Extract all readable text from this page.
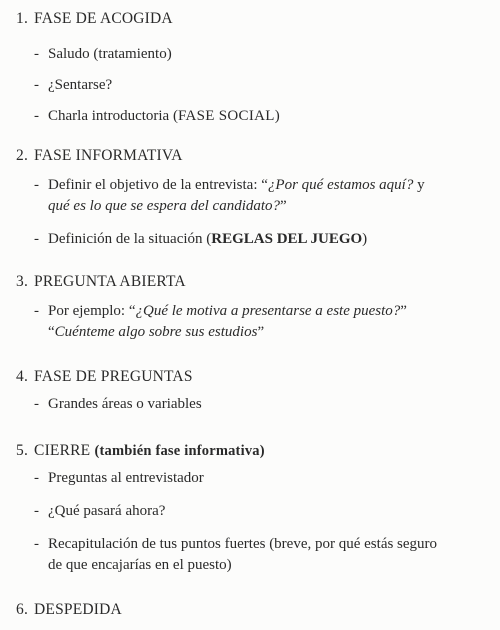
1. FASE DE ACOGIDA
- Saludo (tratamiento)
- ¿Sentarse?
- Charla introductoria (FASE SOCIAL)
2. FASE INFORMATIVA
- Definir el objetivo de la entrevista: “¿Por qué estamos aquí? y
qué es lo que se espera del candidato?”
- Definición de la situación (REGLAS DEL JUEGO)
3. PREGUNTA ABIERTA
- Por ejemplo: “¿Qué le motiva a presentarse a este puesto?”
“Cuénteme algo sobre sus estudios”
4. FASE DE PREGUNTAS
- Grandes áreas o variables
5. CIERRE (también fase informativa)
- Preguntas al entrevistador
- ¿Qué pasará ahora?
- Recapitulación de tus puntos fuertes (breve, por qué estás seguro
de que encajarías en el puesto)
6. DESPEDIDA
